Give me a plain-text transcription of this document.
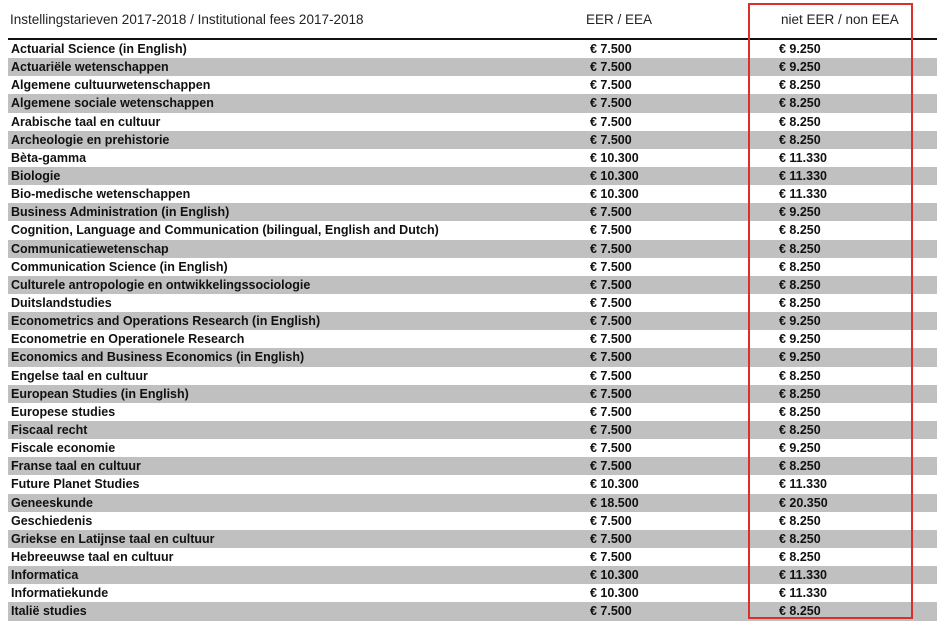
Instellingstarieven 2017-2018 / Institutional fees 2017-2018	EER / EEA	niet EER / non EEA
Actuarial Science (in English)	€ 7.500	€ 9.250
Actuariële wetenschappen	€ 7.500	€ 9.250
Algemene cultuurwetenschappen	€ 7.500	€ 8.250
Algemene sociale wetenschappen	€ 7.500	€ 8.250
Arabische taal en cultuur	€ 7.500	€ 8.250
Archeologie en prehistorie	€ 7.500	€ 8.250
Bèta-gamma	€ 10.300	€ 11.330
Biologie	€ 10.300	€ 11.330
Bio-medische wetenschappen	€ 10.300	€ 11.330
Business Administration (in English)	€ 7.500	€ 9.250
Cognition, Language and Communication (bilingual, English and Dutch)	€ 7.500	€ 8.250
Communicatiewetenschap	€ 7.500	€ 8.250
Communication Science (in English)	€ 7.500	€ 8.250
Culturele antropologie en ontwikkelingssociologie	€ 7.500	€ 8.250
Duitslandstudies	€ 7.500	€ 8.250
Econometrics and Operations Research (in English)	€ 7.500	€ 9.250
Econometrie en Operationele Research	€ 7.500	€ 9.250
Economics and Business Economics (in English)	€ 7.500	€ 9.250
Engelse taal en cultuur	€ 7.500	€ 8.250
European Studies (in English)	€ 7.500	€ 8.250
Europese studies	€ 7.500	€ 8.250
Fiscaal recht	€ 7.500	€ 8.250
Fiscale economie	€ 7.500	€ 9.250
Franse taal en cultuur	€ 7.500	€ 8.250
Future Planet Studies	€ 10.300	€ 11.330
Geneeskunde	€ 18.500	€ 20.350
Geschiedenis	€ 7.500	€ 8.250
Griekse en Latijnse taal en cultuur	€ 7.500	€ 8.250
Hebreeuwse taal en cultuur	€ 7.500	€ 8.250
Informatica	€ 10.300	€ 11.330
Informatiekunde	€ 10.300	€ 11.330
Italië studies	€ 7.500	€ 8.250
